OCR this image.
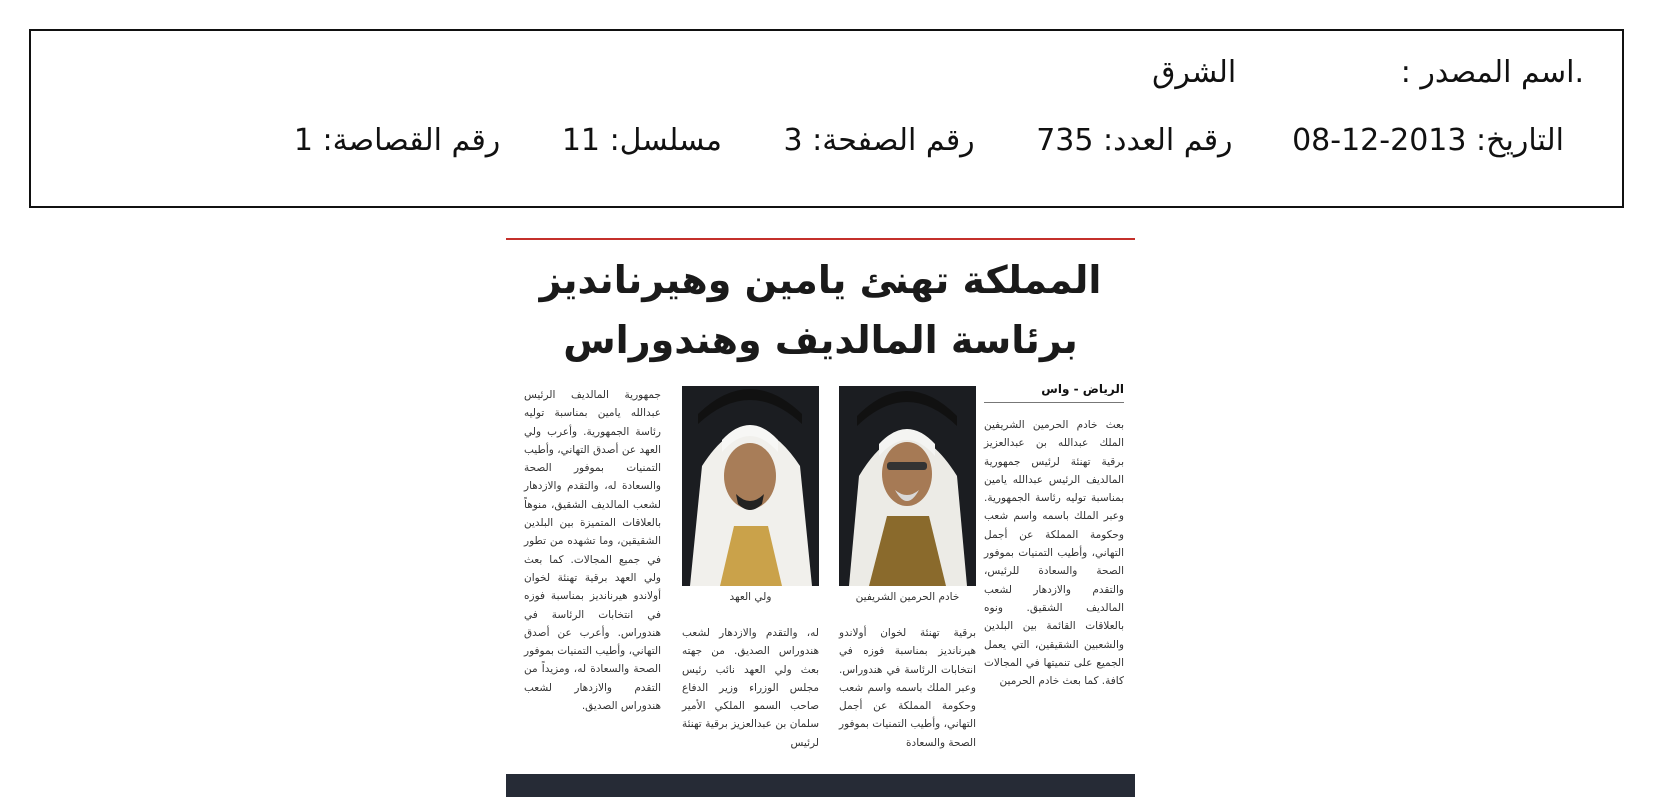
.اسم المصدر : الشرق
التاريخ: 2013-12-08 رقم العدد: 735 رقم الصفحة: 3 مسلسل: 11 رقم القصاصة: 1
المملكة تهنئ يامين وهيرنانديز
برئاسة المالديف وهندوراس
الرياض - واس
بعث خادم الحرمين الشريفين الملك عبدالله بن عبدالعزيز برقية تهنئة لرئيس جمهورية المالديف الرئيس عبدالله يامين بمناسبة توليه رئاسة الجمهورية. وعبر الملك باسمه واسم شعب وحكومة المملكة عن أجمل التهاني، وأطيب التمنيات بموفور الصحة والسعادة للرئيس، والتقدم والازدهار لشعب المالديف الشقيق. ونوه بالعلاقات القائمة بين البلدين والشعبين الشقيقين، التي يعمل الجميع على تنميتها في المجالات كافة. كما بعث خادم الحرمين
خادم الحرمين الشريفين
ولي العهد
برقية تهنئة لخوان أولاندو هيرنانديز بمناسبة فوزه في انتخابات الرئاسة في هندوراس. وعبر الملك باسمه واسم شعب وحكومة المملكة عن أجمل التهاني، وأطيب التمنيات بموفور الصحة والسعادة
له، والتقدم والازدهار لشعب هندوراس الصديق. من جهته بعث ولي العهد نائب رئيس مجلس الوزراء وزير الدفاع صاحب السمو الملكي الأمير سلمان بن عبدالعزيز برقية تهنئة لرئيس
جمهورية المالديف الرئيس عبدالله يامين بمناسبة توليه رئاسة الجمهورية. وأعرب ولي العهد عن أصدق التهاني، وأطيب التمنيات بموفور الصحة والسعادة له، والتقدم والازدهار لشعب المالديف الشقيق، منوهاً بالعلاقات المتميزة بين البلدين الشقيقين، وما تشهده من تطور في جميع المجالات. كما بعث ولي العهد برقية تهنئة لخوان أولاندو هيرنانديز بمناسبة فوزه في انتخابات الرئاسة في هندوراس. وأعرب عن أصدق التهاني، وأطيب التمنيات بموفور الصحة والسعادة له، ومزيداً من التقدم والازدهار لشعب هندوراس الصديق.
